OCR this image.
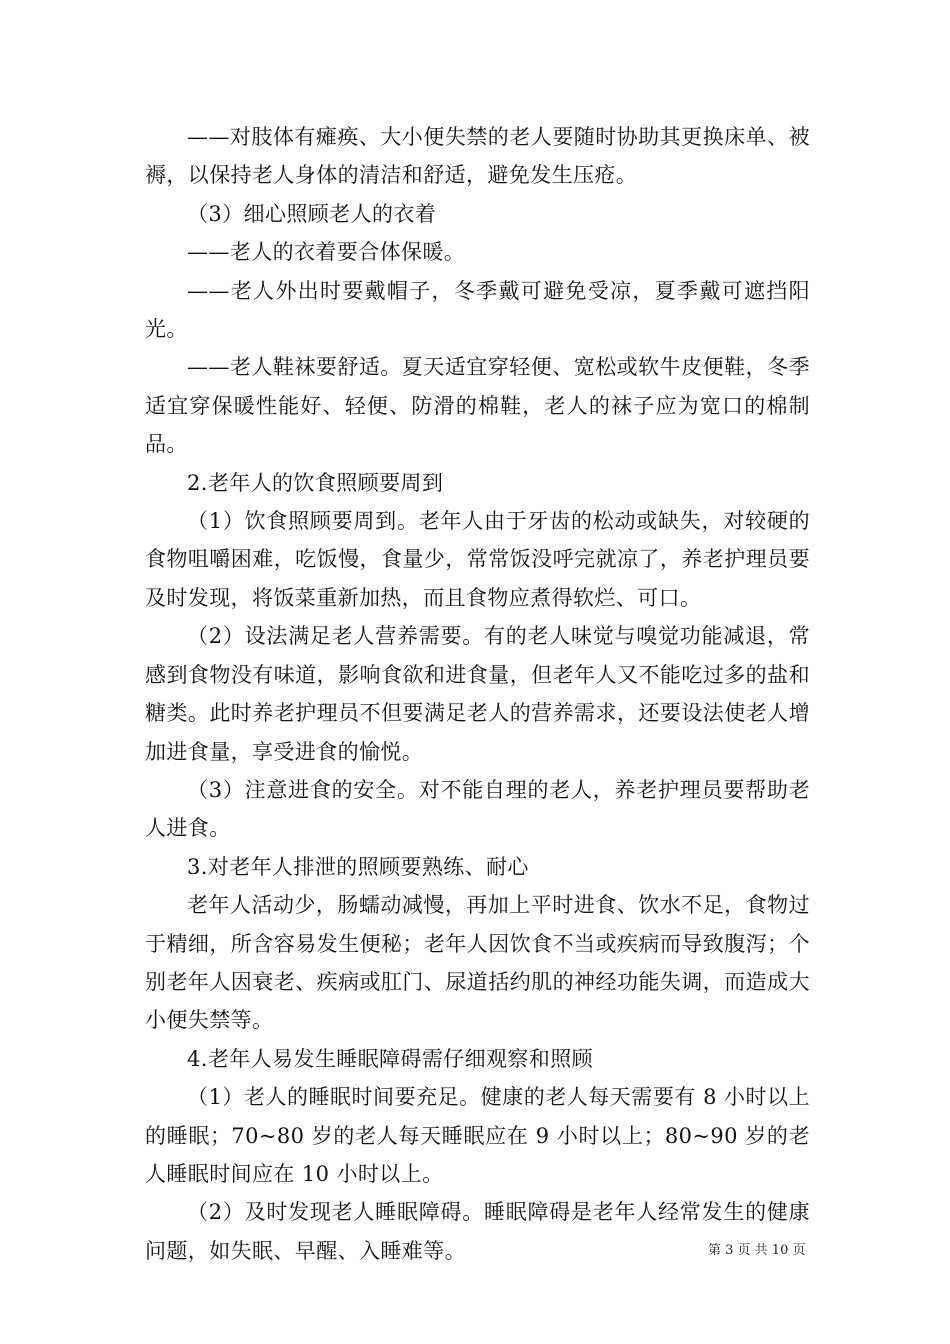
——对肢体有瘫痪、大小便失禁的老人要随时协助其更换床单、被褥，以保持老人身体的清洁和舒适，避免发生压疮。

（3）细心照顾老人的衣着

——老人的衣着要合体保暖。

——老人外出时要戴帽子，冬季戴可避免受凉，夏季戴可遮挡阳光。

——老人鞋袜要舒适。夏天适宜穿轻便、宽松或软牛皮便鞋，冬季适宜穿保暖性能好、轻便、防滑的棉鞋，老人的袜子应为宽口的棉制品。

2.老年人的饮食照顾要周到

（1）饮食照顾要周到。老年人由于牙齿的松动或缺失，对较硬的食物咀嚼困难，吃饭慢，食量少，常常饭没呼完就凉了，养老护理员要及时发现，将饭菜重新加热，而且食物应煮得软烂、可口。

（2）设法满足老人营养需要。有的老人味觉与嗅觉功能减退，常感到食物没有味道，影响食欲和进食量，但老年人又不能吃过多的盐和糖类。此时养老护理员不但要满足老人的营养需求，还要设法使老人增加进食量，享受进食的愉悦。

（3）注意进食的安全。对不能自理的老人，养老护理员要帮助老人进食。

3.对老年人排泄的照顾要熟练、耐心

老年人活动少，肠蠕动减慢，再加上平时进食、饮水不足，食物过于精细，所含容易发生便秘；老年人因饮食不当或疾病而导致腹泻；个别老年人因衰老、疾病或肛门、尿道括约肌的神经功能失调，而造成大小便失禁等。

4.老年人易发生睡眠障碍需仔细观察和照顾

（1）老人的睡眠时间要充足。健康的老人每天需要有 8 小时以上的睡眠；70~80 岁的老人每天睡眠应在 9 小时以上；80~90 岁的老人睡眠时间应在 10 小时以上。

（2）及时发现老人睡眠障碍。睡眠障碍是老年人经常发生的健康问题，如失眠、早醒、入睡难等。	第 3 页 共 10 页
